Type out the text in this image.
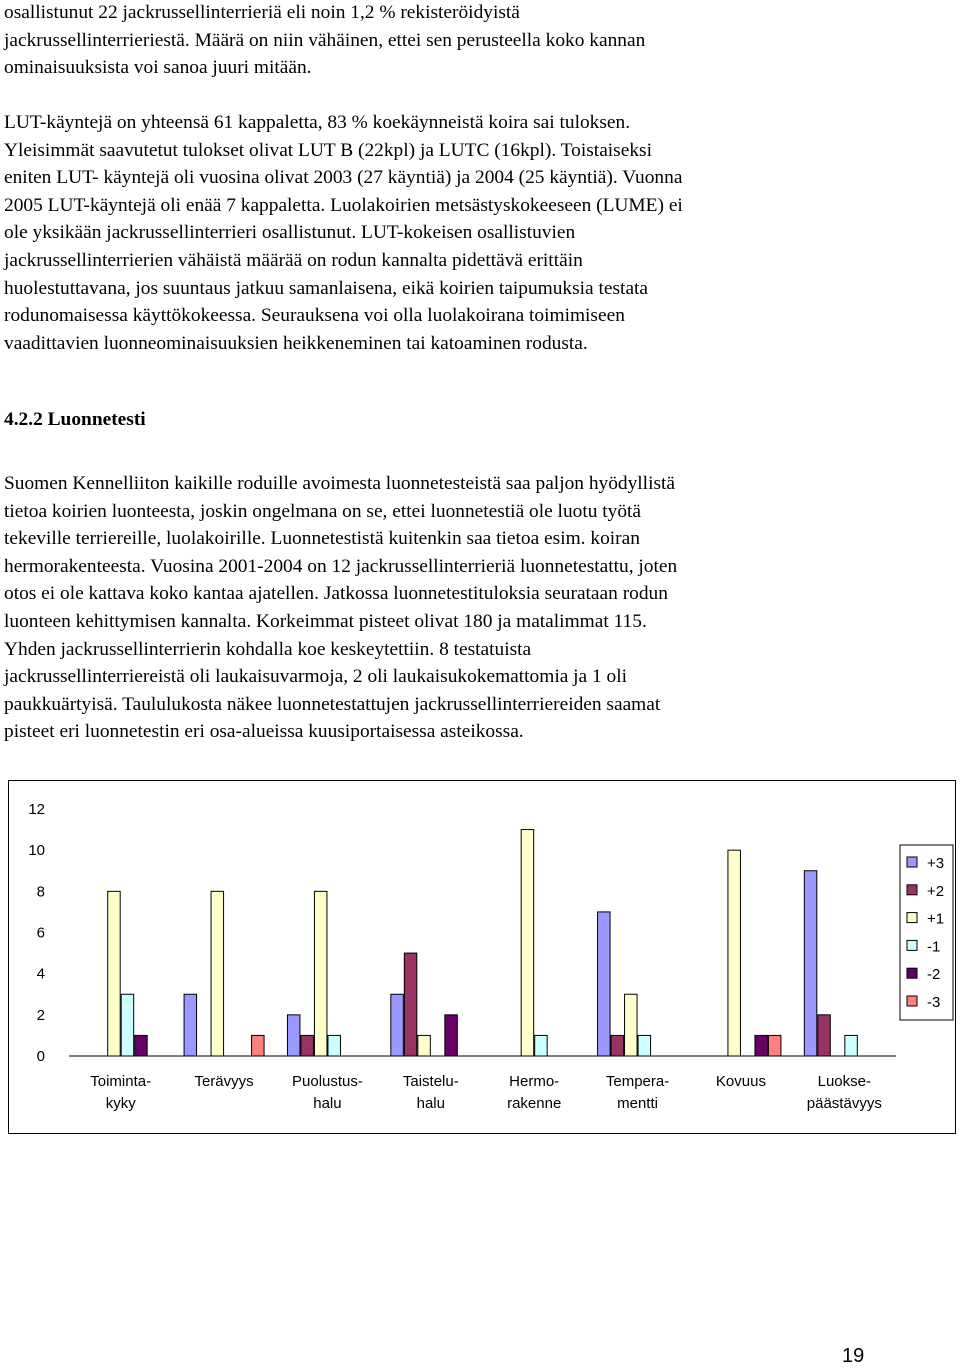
osallistunut 22 jackrussellinterrieriä eli noin 1,2 % rekisteröidyistä
jackrussellinterrieriestä. Määrä on niin vähäinen, ettei sen perusteella koko kannan
ominaisuuksista voi sanoa juuri mitään.
LUT-käyntejä on yhteensä 61 kappaletta, 83 % koekäynneistä koira sai tuloksen.
Yleisimmät saavutetut tulokset olivat LUT B (22kpl) ja LUTC (16kpl). Toistaiseksi
eniten LUT- käyntejä oli vuosina olivat 2003 (27 käyntiä) ja 2004 (25 käyntiä). Vuonna
2005 LUT-käyntejä oli enää 7 kappaletta. Luolakoirien metsästyskokeeseen (LUME) ei
ole yksikään jackrussellinterrieri osallistunut. LUT-kokeisen osallistuvien
jackrussellinterrierien vähäistä määrää on rodun kannalta pidettävä erittäin
huolestuttavana, jos suuntaus jatkuu samanlaisena, eikä koirien taipumuksia testata
rodunomaisessa käyttökokeessa. Seurauksena voi olla luolakoirana toimimiseen
vaadittavien luonneominaisuuksien heikkeneminen tai katoaminen rodusta.
4.2.2 Luonnetesti
Suomen Kennelliiton kaikille roduille avoimesta luonnetesteistä saa paljon hyödyllistä
tietoa koirien luonteesta, joskin ongelmana on se, ettei luonnetestiä ole luotu työtä
tekeville terriereille, luolakoirille. Luonnetestistä kuitenkin saa tietoa esim. koiran
hermorakenteesta. Vuosina 2001-2004 on 12 jackrussellinterrieriä luonnetestattu, joten
otos ei ole kattava koko kantaa ajatellen. Jatkossa luonnetestituloksia seurataan rodun
luonteen kehittymisen kannalta. Korkeimmat pisteet olivat 180 ja matalimmat 115.
Yhden jackrussellinterrierin kohdalla koe keskeytettiin. 8 testatuista
jackrussellinterriereistä oli laukaisuvarmoja, 2 oli laukaisukokemattomia ja 1 oli
paukkuärtyisä. Taululukosta näkee luonnetestattujen jackrussellinterriereiden saamat
pisteet eri luonnetestin eri osa-alueissa kuusiportaisessa asteikossa.
0
2
4
6
8
10
12
Toiminta-
kyky
Terävyys	Puolustus-
halu
Taistelu-
halu
Hermo-
rakenne
Tempera-
mentti
Kovuus	Luokse-
päästävyys
+3
+2
+1
-1
-2
-3
19
